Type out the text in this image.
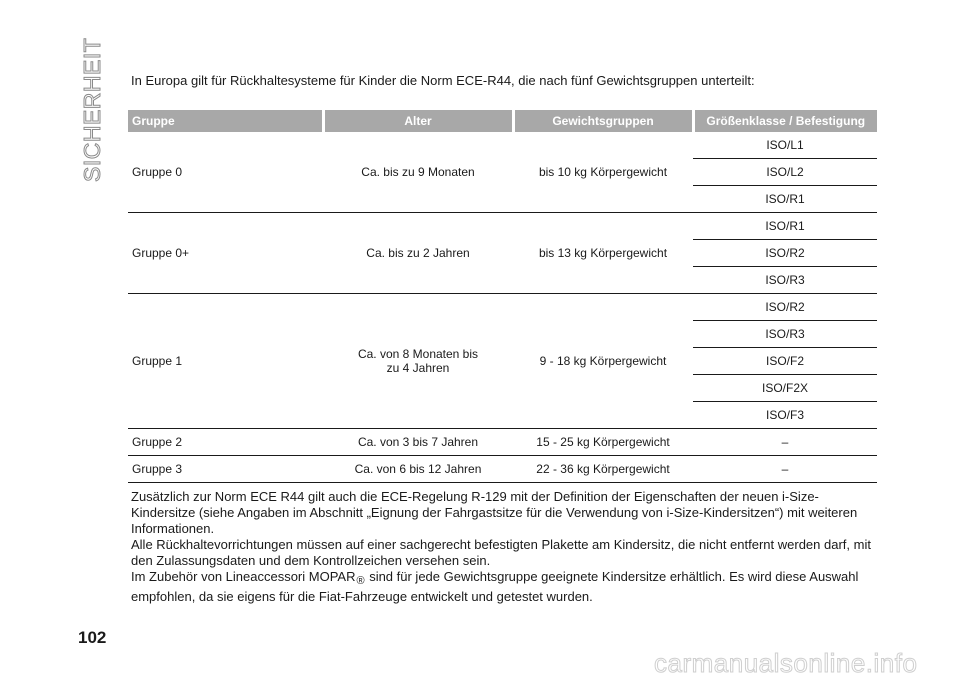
SICHERHEIT	In Europa gilt für Rückhaltesysteme für Kinder die Norm ECE-R44, die nach fünf Gewichtsgruppen unterteilt:
Gruppe	Alter	Gewichtsgruppen	Größenklasse / Befestigung
Gruppe 0	Ca. bis zu 9 Monaten	bis 10 kg Körpergewicht	ISO/L1
			ISO/L2
			ISO/R1
Gruppe 0+	Ca. bis zu 2 Jahren	bis 13 kg Körpergewicht	ISO/R1
			ISO/R2
			ISO/R3
Gruppe 1	Ca. von 8 Monaten bis zu 4 Jahren	9 - 18 kg Körpergewicht	ISO/R2
			ISO/R3
			ISO/F2
			ISO/F2X
			ISO/F3
Gruppe 2	Ca. von 3 bis 7 Jahren	15 - 25 kg Körpergewicht	–
Gruppe 3	Ca. von 6 bis 12 Jahren	22 - 36 kg Körpergewicht	–

Zusätzlich zur Norm ECE R44 gilt auch die ECE-Regelung R-129 mit der Definition der Eigenschaften der neuen i-Size-Kindersitze (siehe Angaben im Abschnitt „Eignung der Fahrgastsitze für die Verwendung von i-Size-Kindersitzen“) mit weiteren Informationen.

Alle Rückhaltevorrichtungen müssen auf einer sachgerecht befestigten Plakette am Kindersitz, die nicht entfernt werden darf, mit den Zulassungsdaten und dem Kontrollzeichen versehen sein.

Im Zubehör von Lineaccessori $MOPAR_®$ sind für jede Gewichtsgruppe geeignete Kindersitze erhältlich. Es wird diese Auswahl empfohlen, da sie eigens für die Fiat-Fahrzeuge entwickelt und getestet wurden.

102
carmanualsonline.info
